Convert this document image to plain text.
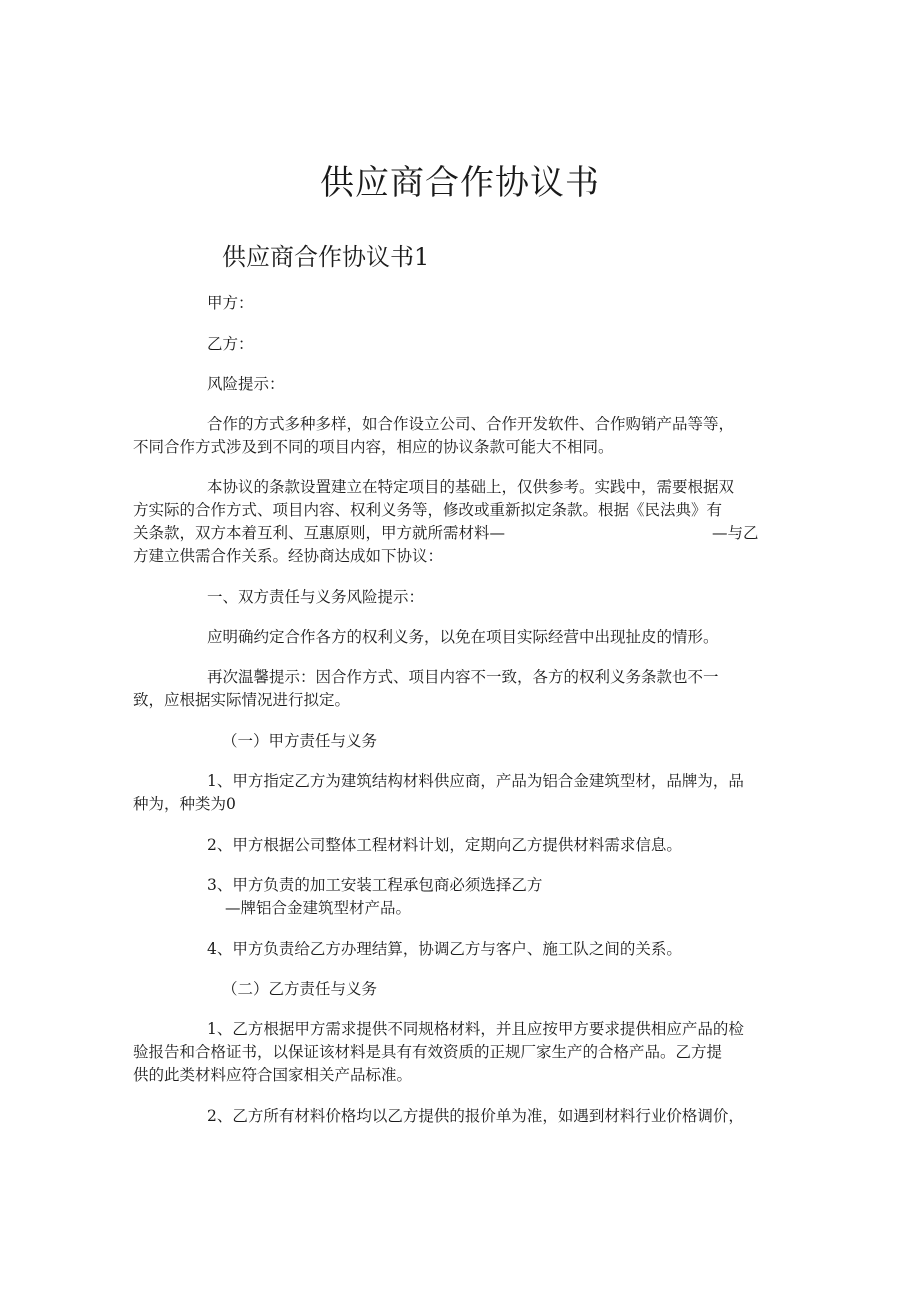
供应商合作协议书
供应商合作协议书1
甲方：
乙方：
风险提示：
合作的方式多种多样，如合作设立公司、合作开发软件、合作购销产品等等，
不同合作方式涉及到不同的项目内容，相应的协议条款可能大不相同。
本协议的条款设置建立在特定项目的基础上，仅供参考。实践中，需要根据双
方实际的合作方式、项目内容、权利义务等，修改或重新拟定条款。根据《民法典》有
关条款，双方本着互利、互惠原则，甲方就所需材料—	—与乙
方建立供需合作关系。经协商达成如下协议：
一、双方责任与义务风险提示：
应明确约定合作各方的权利义务，以免在项目实际经营中出现扯皮的情形。
再次温馨提示：因合作方式、项目内容不一致，各方的权利义务条款也不一
致，应根据实际情况进行拟定。
（一）甲方责任与义务
1、甲方指定乙方为建筑结构材料供应商，产品为铝合金建筑型材，品牌为，品
种为，种类为0
2、甲方根据公司整体工程材料计划，定期向乙方提供材料需求信息。
3、甲方负责的加工安装工程承包商必须选择乙方
—牌铝合金建筑型材产品。
4、甲方负责给乙方办理结算，协调乙方与客户、施工队之间的关系。
（二）乙方责任与义务
1、乙方根据甲方需求提供不同规格材料，并且应按甲方要求提供相应产品的检
验报告和合格证书，以保证该材料是具有有效资质的正规厂家生产的合格产品。乙方提
供的此类材料应符合国家相关产品标准。
2、乙方所有材料价格均以乙方提供的报价单为准，如遇到材料行业价格调价，
